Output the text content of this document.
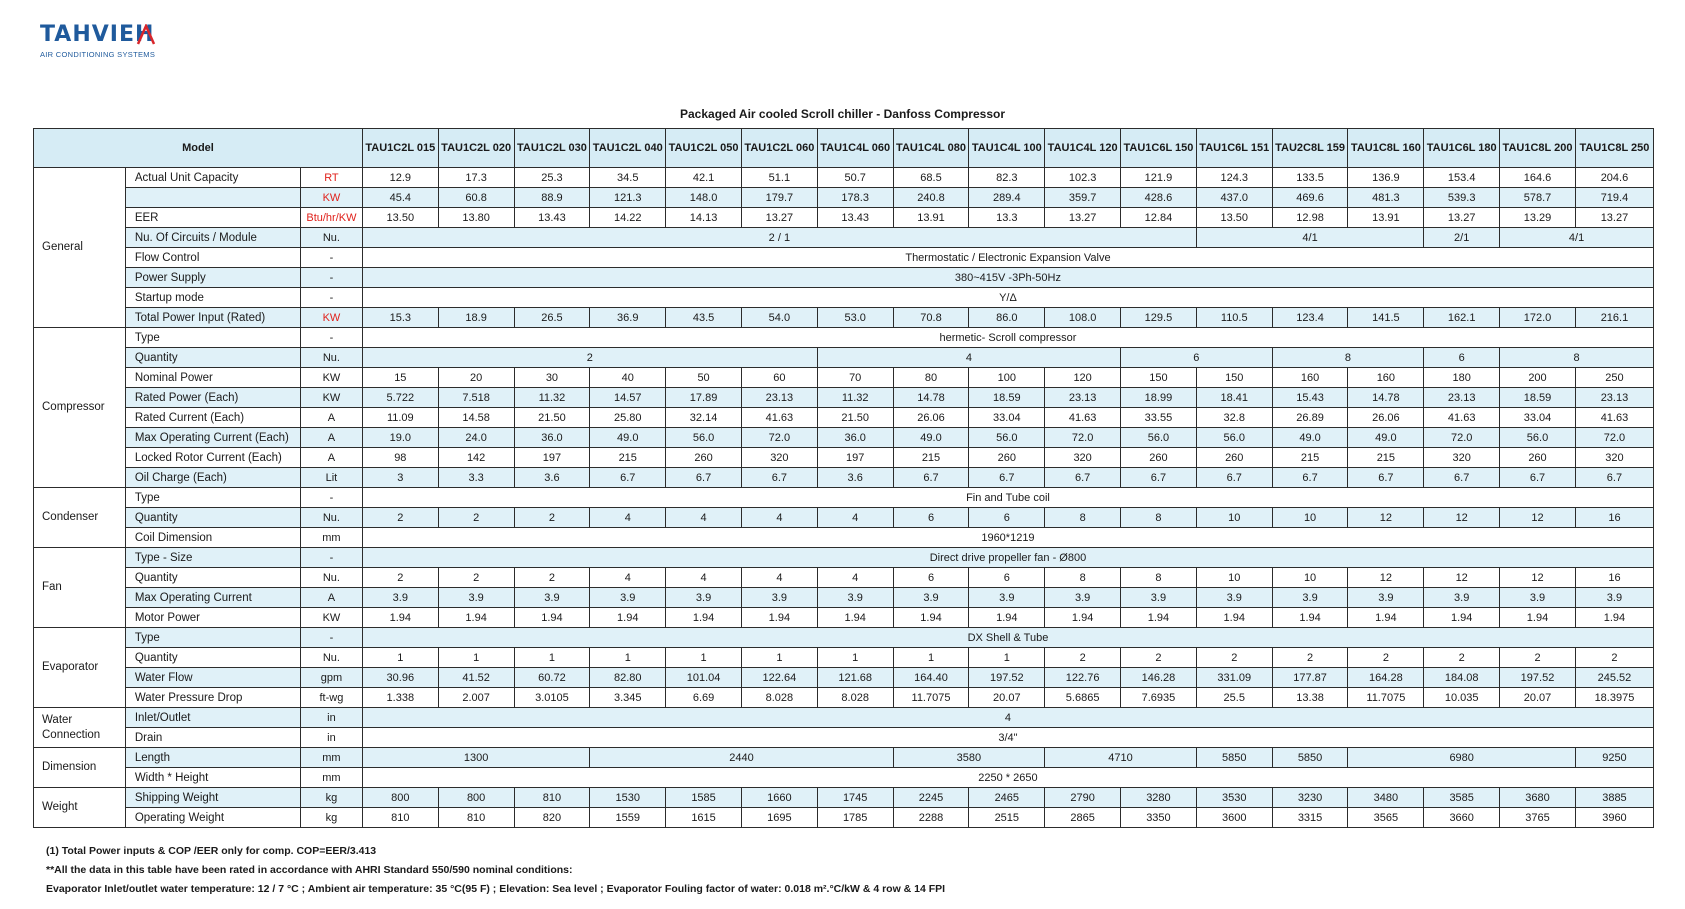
TAHVIEH
AIR CONDITIONING SYSTEMS
Packaged Air cooled Scroll chiller - Danfoss Compressor
Model			TAU1C2L 015	TAU1C2L 020	TAU1C2L 030	TAU1C2L 040	TAU1C2L 050	TAU1C2L 060	TAU1C4L 060	TAU1C4L 080	TAU1C4L 100	TAU1C4L 120	TAU1C6L 150	TAU1C6L 151	TAU2C8L 159	TAU1C8L 160	TAU1C6L 180	TAU1C8L 200	TAU1C8L 250
General	Actual Unit Capacity	RT	12.9	17.3	25.3	34.5	42.1	51.1	50.7	68.5	82.3	102.3	121.9	124.3	133.5	136.9	153.4	164.6	204.6
		KW	45.4	60.8	88.9	121.3	148.0	179.7	178.3	240.8	289.4	359.7	428.6	437.0	469.6	481.3	539.3	578.7	719.4
	EER	Btu/hr/KW	13.50	13.80	13.43	14.22	14.13	13.27	13.43	13.91	13.3	13.27	12.84	13.50	12.98	13.91	13.27	13.29	13.27
	Nu. Of Circuits / Module	Nu.	2 / 1											4/1			2/1	4/1	
	Flow Control	-	Thermostatic / Electronic Expansion Valve																
	Power Supply	-	380~415V -3Ph-50Hz																
	Startup mode	-	Y/Δ																
	Total Power Input (Rated)	KW	15.3	18.9	26.5	36.9	43.5	54.0	53.0	70.8	86.0	108.0	129.5	110.5	123.4	141.5	162.1	172.0	216.1
Compressor	Type	-	hermetic- Scroll compressor																
	Quantity	Nu.	2						4				6		8		6	8	
	Nominal Power	KW	15	20	30	40	50	60	70	80	100	120	150	150	160	160	180	200	250
	Rated Power (Each)	KW	5.722	7.518	11.32	14.57	17.89	23.13	11.32	14.78	18.59	23.13	18.99	18.41	15.43	14.78	23.13	18.59	23.13
	Rated Current (Each)	A	11.09	14.58	21.50	25.80	32.14	41.63	21.50	26.06	33.04	41.63	33.55	32.8	26.89	26.06	41.63	33.04	41.63
	Max Operating Current (Each)	A	19.0	24.0	36.0	49.0	56.0	72.0	36.0	49.0	56.0	72.0	56.0	56.0	49.0	49.0	72.0	56.0	72.0
	Locked Rotor Current (Each)	A	98	142	197	215	260	320	197	215	260	320	260	260	215	215	320	260	320
	Oil Charge (Each)	Lit	3	3.3	3.6	6.7	6.7	6.7	3.6	6.7	6.7	6.7	6.7	6.7	6.7	6.7	6.7	6.7	6.7
Condenser	Type	-	Fin and Tube coil																
	Quantity	Nu.	2	2	2	4	4	4	4	6	6	8	8	10	10	12	12	12	16
	Coil Dimension	mm	1960*1219																
Fan	Type - Size	-	Direct drive propeller fan - Ø800																
	Quantity	Nu.	2	2	2	4	4	4	4	6	6	8	8	10	10	12	12	12	16
	Max Operating Current	A	3.9	3.9	3.9	3.9	3.9	3.9	3.9	3.9	3.9	3.9	3.9	3.9	3.9	3.9	3.9	3.9	3.9
	Motor Power	KW	1.94	1.94	1.94	1.94	1.94	1.94	1.94	1.94	1.94	1.94	1.94	1.94	1.94	1.94	1.94	1.94	1.94
Evaporator	Type	-	DX Shell & Tube																
	Quantity	Nu.	1	1	1	1	1	1	1	1	1	2	2	2	2	2	2	2	2
	Water Flow	gpm	30.96	41.52	60.72	82.80	101.04	122.64	121.68	164.40	197.52	122.76	146.28	331.09	177.87	164.28	184.08	197.52	245.52
	Water Pressure Drop	ft-wg	1.338	2.007	3.0105	3.345	6.69	8.028	8.028	11.7075	20.07	5.6865	7.6935	25.5	13.38	11.7075	10.035	20.07	18.3975
Water Connection	Inlet/Outlet	in	4																
	Drain	in	3/4"																
Dimension	Length	mm	1300			2440				3580		4710		5850	5850	6980			9250
	Width * Height	mm	2250 * 2650																
Weight	Shipping Weight	kg	800	800	810	1530	1585	1660	1745	2245	2465	2790	3280	3530	3230	3480	3585	3680	3885
	Operating Weight	kg	810	810	820	1559	1615	1695	1785	2288	2515	2865	3350	3600	3315	3565	3660	3765	3960
(1) Total Power inputs & COP /EER only for comp. COP=EER/3.413
**All the data in this table have been rated in accordance with AHRI Standard 550/590 nominal conditions:
Evaporator Inlet/outlet water temperature: 12 / 7 °C ; Ambient air temperature: 35 °C(95 F) ; Elevation: Sea level ; Evaporator Fouling factor of water: 0.018 m².°C/kW & 4 row & 14 FPI
